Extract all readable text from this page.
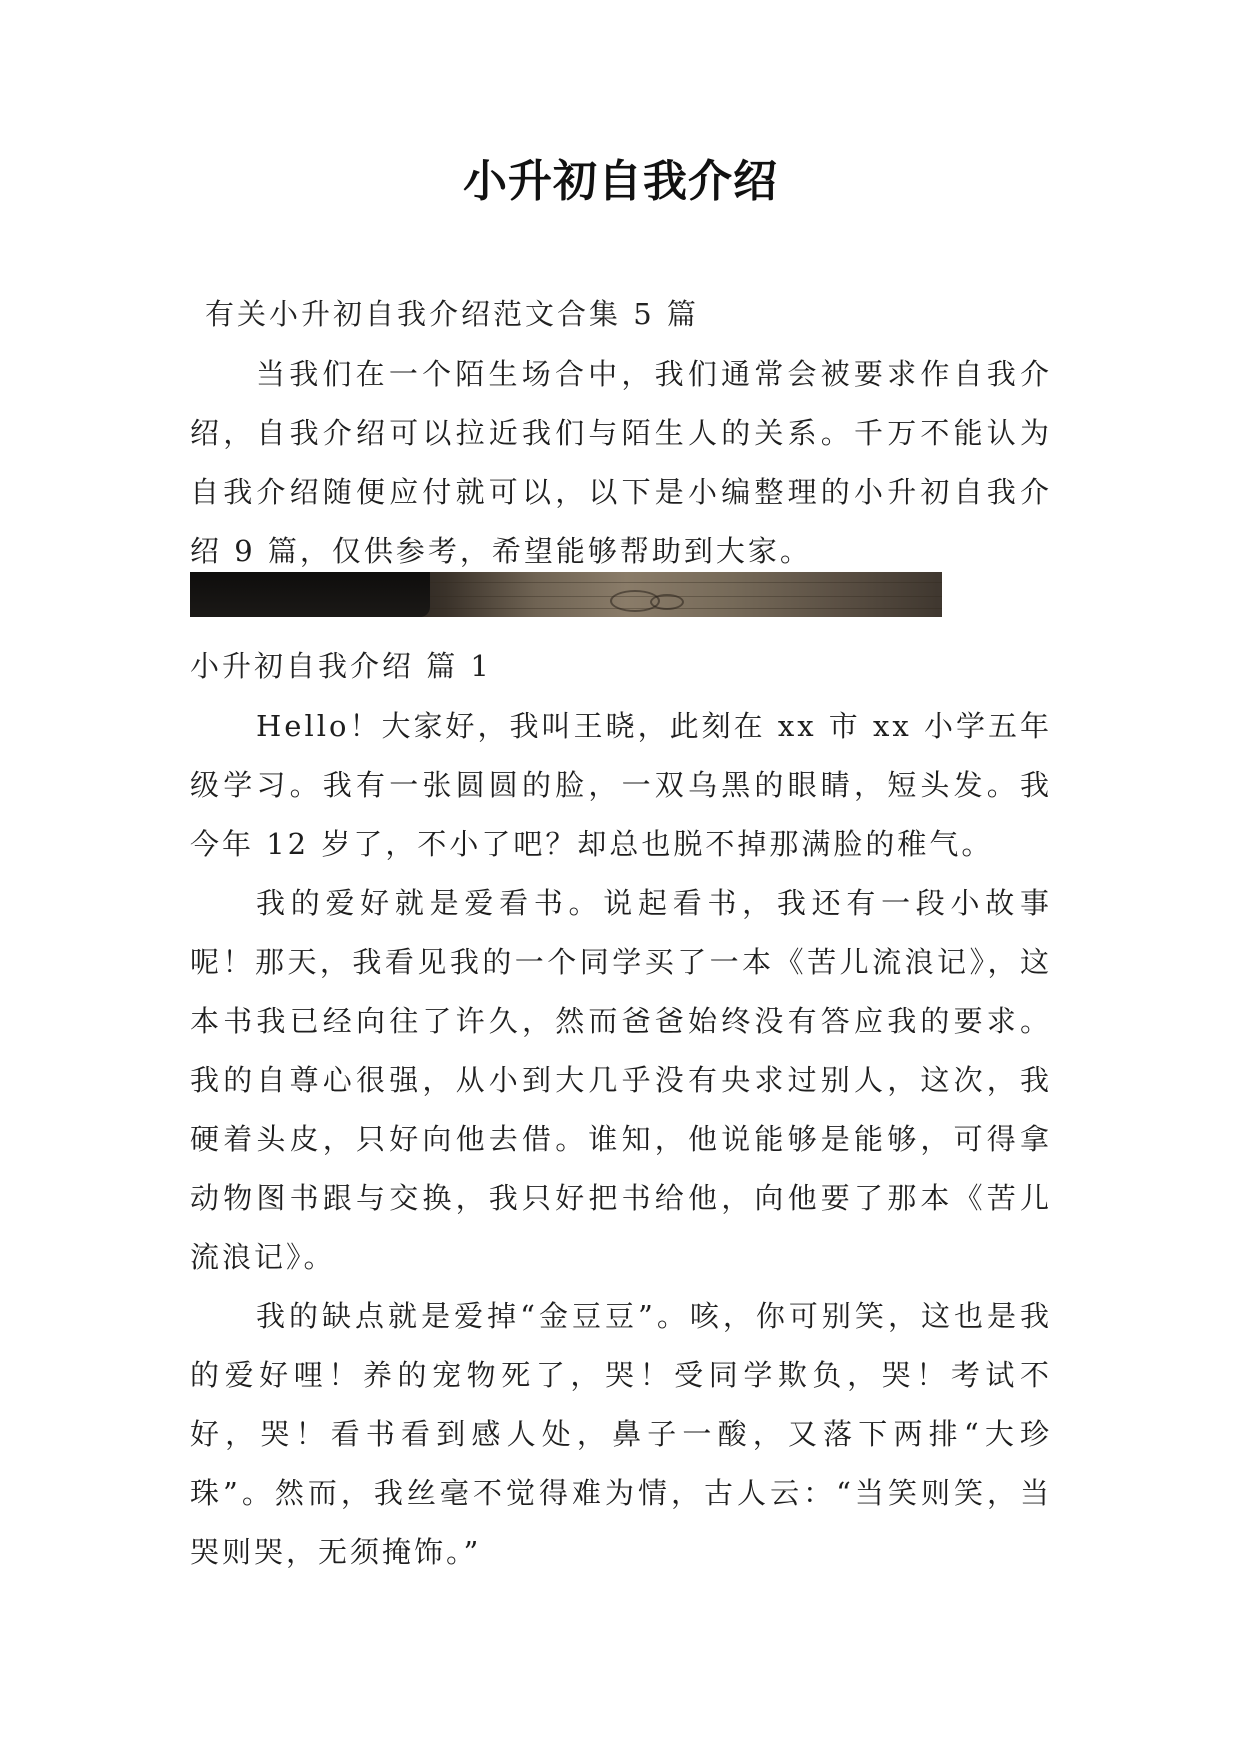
小升初自我介绍
有关小升初自我介绍范文合集 5 篇

当我们在一个陌生场合中，我们通常会被要求作自我介绍，自我介绍可以拉近我们与陌生人的关系。千万不能认为自我介绍随便应付就可以，以下是小编整理的小升初自我介绍 9 篇，仅供参考，希望能够帮助到大家。

小升初自我介绍 篇 1

Hello！大家好，我叫王晓，此刻在 xx 市 xx 小学五年级学习。我有一张圆圆的脸，一双乌黑的眼睛，短头发。我今年 12 岁了，不小了吧？却总也脱不掉那满脸的稚气。

我的爱好就是爱看书。说起看书，我还有一段小故事呢！那天，我看见我的一个同学买了一本《苦儿流浪记》，这本书我已经向往了许久，然而爸爸始终没有答应我的要求。我的自尊心很强，从小到大几乎没有央求过别人，这次，我硬着头皮，只好向他去借。谁知，他说能够是能够，可得拿动物图书跟与交换，我只好把书给他，向他要了那本《苦儿流浪记》。

我的缺点就是爱掉“金豆豆”。咳，你可别笑，这也是我的爱好哩！养的宠物死了，哭！受同学欺负，哭！考试不好，哭！看书看到感人处，鼻子一酸，又落下两排“大珍珠”。然而，我丝毫不觉得难为情，古人云：“当笑则笑，当哭则哭，无须掩饰。”
